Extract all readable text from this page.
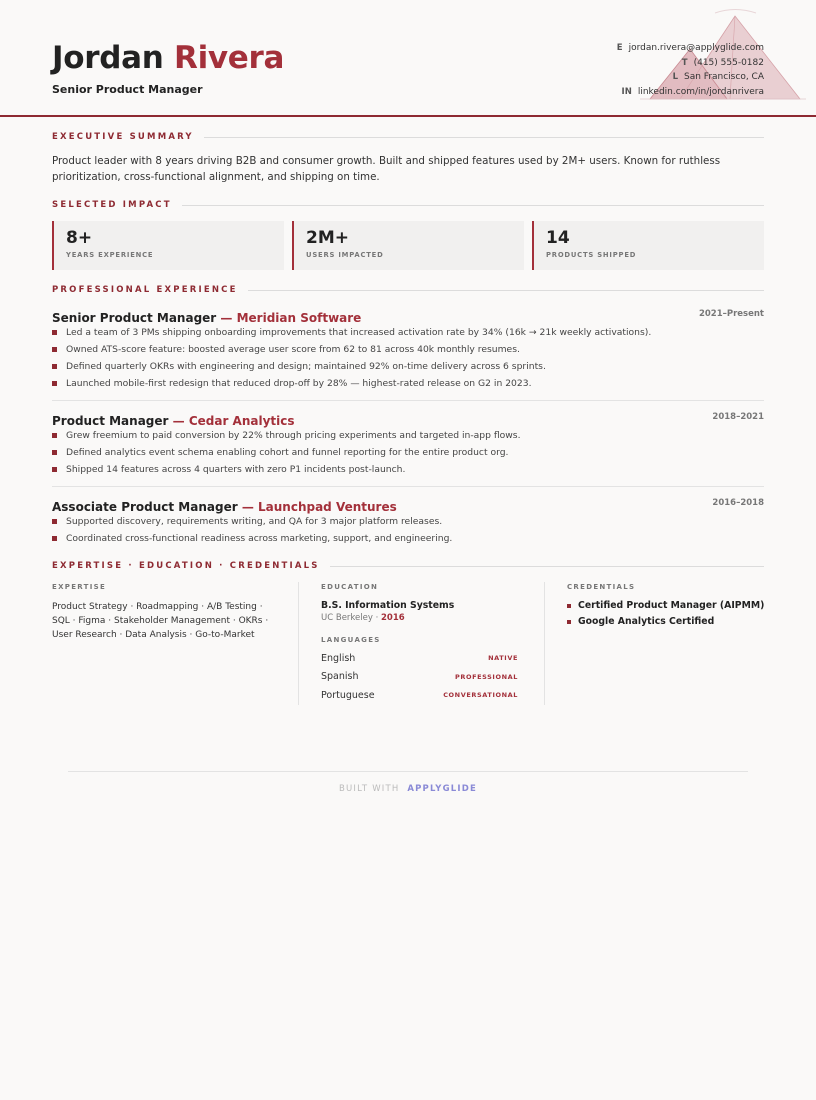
Jordan Rivera
Senior Product Manager
E jordan.rivera@applyglide.com
T (415) 555-0182
L San Francisco, CA
IN linkedin.com/in/jordanrivera
EXECUTIVE SUMMARY
Product leader with 8 years driving B2B and consumer growth. Built and shipped features used by 2M+ users. Known for ruthless prioritization, cross-functional alignment, and shipping on time.
SELECTED IMPACT
8+
YEARS EXPERIENCE
2M+
USERS IMPACTED
14
PRODUCTS SHIPPED
PROFESSIONAL EXPERIENCE
Senior Product Manager — Meridian Software	2021–Present
Led a team of 3 PMs shipping onboarding improvements that increased activation rate by 34% (16k → 21k weekly activations).
Owned ATS-score feature: boosted average user score from 62 to 81 across 40k monthly resumes.
Defined quarterly OKRs with engineering and design; maintained 92% on-time delivery across 6 sprints.
Launched mobile-first redesign that reduced drop-off by 28% — highest-rated release on G2 in 2023.
Product Manager — Cedar Analytics	2018–2021
Grew freemium to paid conversion by 22% through pricing experiments and targeted in-app flows.
Defined analytics event schema enabling cohort and funnel reporting for the entire product org.
Shipped 14 features across 4 quarters with zero P1 incidents post-launch.
Associate Product Manager — Launchpad Ventures	2016–2018
Supported discovery, requirements writing, and QA for 3 major platform releases.
Coordinated cross-functional readiness across marketing, support, and engineering.
EXPERTISE · EDUCATION · CREDENTIALS
EXPERTISE
Product Strategy · Roadmapping · A/B Testing · SQL · Figma · Stakeholder Management · OKRs · User Research · Data Analysis · Go-to-Market
EDUCATION
B.S. Information Systems
UC Berkeley · 2016
LANGUAGES
English	NATIVE
Spanish	PROFESSIONAL
Portuguese	CONVERSATIONAL
CREDENTIALS
Certified Product Manager (AIPMM)
Google Analytics Certified
BUILT WITH APPLYGLIDE
